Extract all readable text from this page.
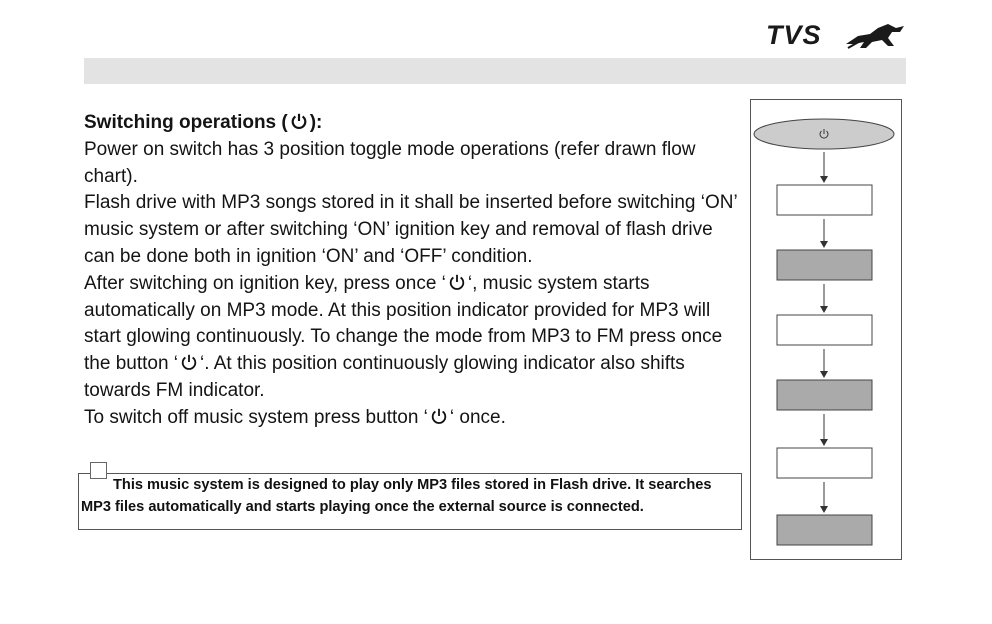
TVS

Switching operations ( ):

Power on switch has 3 position toggle mode operations (refer drawn flow chart).

Flash drive with MP3 songs stored in it shall be inserted before switching ‘ON’ music system or after switching ‘ON’ ignition key and removal of flash drive can be done both in ignition ‘ON’ and ‘OFF’ condition.

After switching on ignition key, press once ‘ ‘, music system starts automatically on MP3 mode. At this position indicator provided for MP3 will start glowing continuously. To change the mode from MP3 to FM press once the button ‘ ‘. At this position continuously glowing indicator also shifts towards FM indicator.

To switch off music system press button ‘ ‘ once.

This music system is designed to play only MP3 files stored in Flash drive. It searches
MP3 files automatically and starts playing once the external source is connected.
